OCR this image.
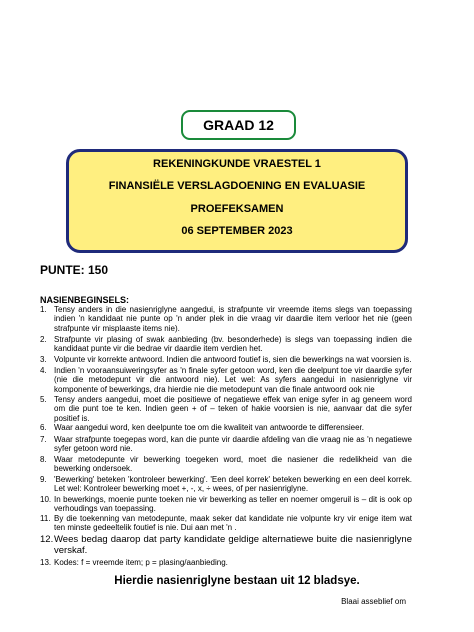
GRAAD 12
REKENINGKUNDE VRAESTEL 1
FINANSIËLE VERSLAGDOENING EN EVALUASIE
PROEFEKSAMEN
06 SEPTEMBER 2023
PUNTE: 150
NASIENBEGINSELS:
1. Tensy anders in die nasienriglyne aangedui, is strafpunte vir vreemde items slegs van toepassing indien 'n kandidaat nie punte op 'n ander plek in die vraag vir daardie item verloor het nie (geen strafpunte vir misplaaste items nie).
2. Strafpunte vir plasing of swak aanbieding (bv. besonderhede) is slegs van toepassing indien die kandidaat punte vir die bedrae vir daardie item verdien het.
3. Volpunte vir korrekte antwoord. Indien die antwoord foutief is, sien die bewerkings na wat voorsien is.
4. Indien 'n vooraansuiweringsyfer as 'n finale syfer getoon word, ken die deelpunt toe vir daardie syfer (nie die metodepunt vir die antwoord nie). Let wel: As syfers aangedui in nasienriglyne vir komponente of bewerkings, dra hierdie nie die metodepunt van die finale antwoord ook nie
5. Tensy anders aangedui, moet die positiewe of negatiewe effek van enige syfer in ag geneem word om die punt toe te ken. Indien geen + of – teken of hakie voorsien is nie, aanvaar dat die syfer positief is.
6. Waar aangedui word, ken deelpunte toe om die kwaliteit van antwoorde te differensieer.
7. Waar strafpunte toegepas word, kan die punte vir daardie afdeling van die vraag nie as 'n negatiewe syfer getoon word nie.
8. Waar metodepunte vir bewerking toegeken word, moet die nasiener die redelikheid van die bewerking ondersoek.
9. 'Bewerking' beteken 'kontroleer bewerking'. 'Een deel korrek' beteken bewerking en een deel korrek. Let wel: Kontroleer bewerking moet +, -, x, ÷ wees, of per nasienriglyne.
10. In bewerkings, moenie punte toeken nie vir bewerking as teller en noemer omgeruil is – dit is ook op verhoudings van toepassing.
11. By die toekenning van metodepunte, maak seker dat kandidate nie volpunte kry vir enige item wat ten minste gedeeltelik foutief is nie. Dui aan met 'n .
12. Wees bedag daarop dat party kandidate geldige alternatiewe buite die nasienriglyne verskaf.
13. Kodes: f = vreemde item; p = plasing/aanbieding.
Hierdie nasienriglyne bestaan uit 12 bladsye.
Blaai asseblief om
